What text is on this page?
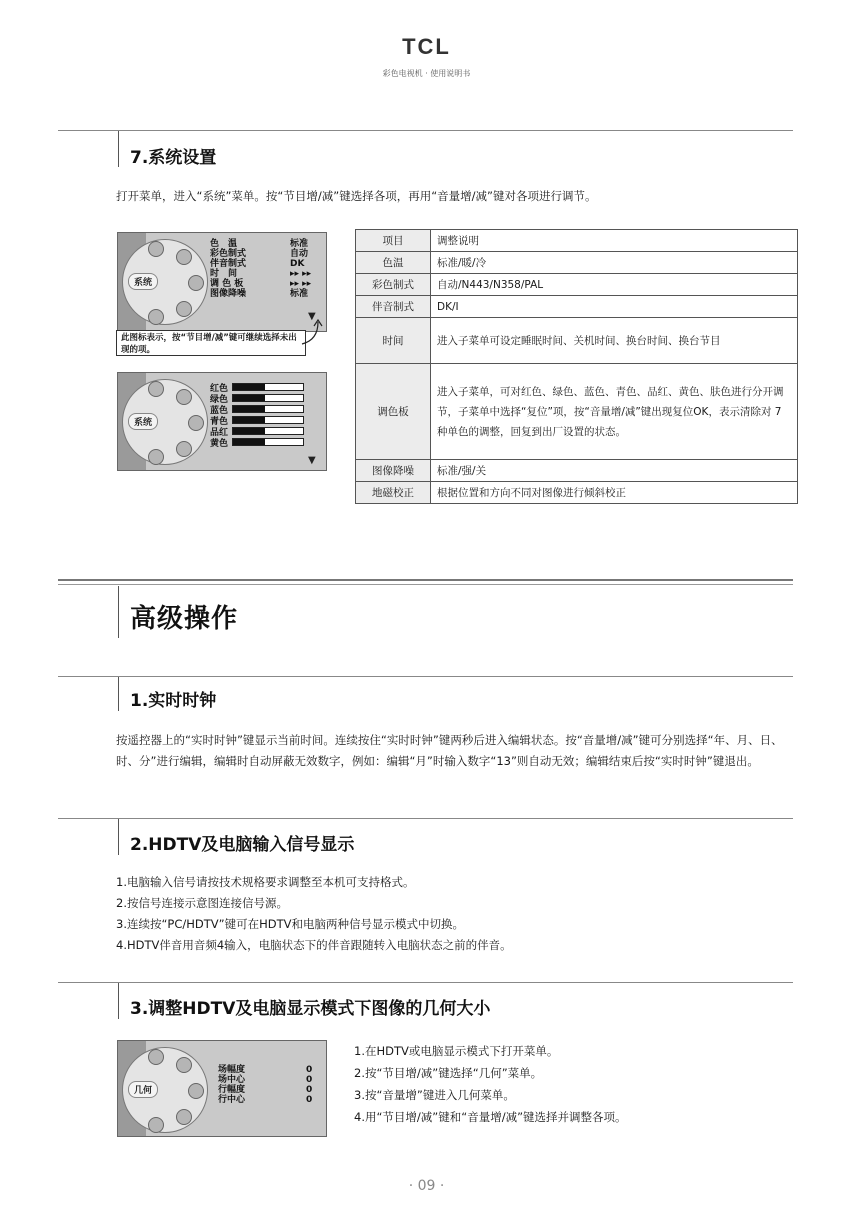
TCL
彩色电视机 · 使用说明书
7.系统设置
打开菜单，进入“系统”菜单。按“节目增/减”键选择各项，再用“音量增/减”键对各项进行调节。
系统
色　温	标准
彩色制式	自动
伴音制式	DK
时　间	▸▸ ▸▸
调 色 板	▸▸ ▸▸
图像降噪	标准
▼
此图标表示，按“节目增/减”键可继续选择未出现的项。
系统
红色
绿色
蓝色
青色
品红
黄色
▼
项目	调整说明
色温	标准/暖/冷
彩色制式	自动/N443/N358/PAL
伴音制式	DK/I
时间	进入子菜单可设定睡眠时间、关机时间、换台时间、换台节目
调色板	进入子菜单，可对红色、绿色、蓝色、青色、品红、黄色、肤色进行分开调节，子菜单中选择“复位”项，按“音量增/减”键出现复位OK，表示清除对 7 种单色的调整，回复到出厂设置的状态。
图像降噪	标准/强/关
地磁校正	根据位置和方向不同对图像进行倾斜校正
高级操作
1.实时时钟
按遥控器上的“实时时钟”键显示当前时间。连续按住“实时时钟”键两秒后进入编辑状态。按“音量增/减”键可分别选择“年、月、日、时、分”进行编辑，编辑时自动屏蔽无效数字，例如：编辑“月”时输入数字“13”则自动无效；编辑结束后按“实时时钟”键退出。
2.HDTV及电脑输入信号显示
1.电脑输入信号请按技术规格要求调整至本机可支持格式。
2.按信号连接示意图连接信号源。
3.连续按“PC/HDTV”键可在HDTV和电脑两种信号显示模式中切换。
4.HDTV伴音用音频4输入，电脑状态下的伴音跟随转入电脑状态之前的伴音。
3.调整HDTV及电脑显示模式下图像的几何大小
几何
场幅度	0
场中心	0
行幅度	0
行中心	0
1.在HDTV或电脑显示模式下打开菜单。
2.按“节目增/减”键选择“几何”菜单。
3.按“音量增”键进入几何菜单。
4.用“节目增/减”键和“音量增/减”键选择并调整各项。
· 09 ·
